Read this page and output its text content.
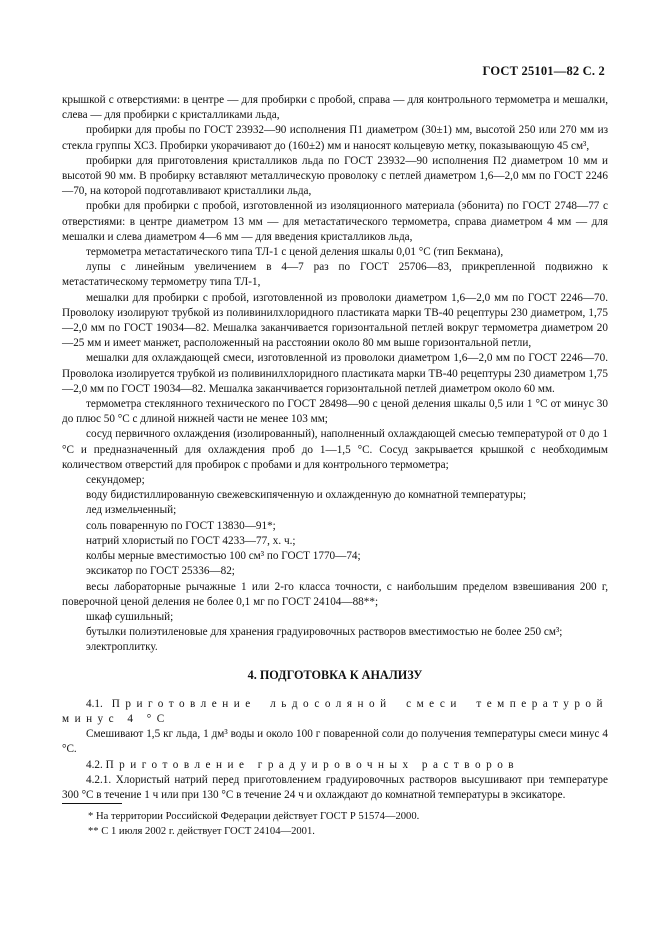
ГОСТ 25101—82 С. 2

крышкой с отверстиями: в центре — для пробирки с пробой, справа — для контрольного термометра и мешалки, слева — для пробирки с кристалликами льда,

пробирки для пробы по ГОСТ 23932—90 исполнения П1 диаметром (30±1) мм, высотой 250 или 270 мм из стекла группы ХСЗ. Пробирки укорачивают до (160±2) мм и наносят кольцевую метку, показывающую 45 см³,

пробирки для приготовления кристалликов льда по ГОСТ 23932—90 исполнения П2 диаметром 10 мм и высотой 90 мм. В пробирку вставляют металлическую проволоку с петлей диаметром 1,6—2,0 мм по ГОСТ 2246—70, на которой подготавливают кристаллики льда,

пробки для пробирки с пробой, изготовленной из изоляционного материала (эбонита) по ГОСТ 2748—77 с отверстиями: в центре диаметром 13 мм — для метастатического термометра, справа диаметром 4 мм — для мешалки и слева диаметром 4—6 мм — для введения кристалликов льда,

термометра метастатического типа ТЛ-1 с ценой деления шкалы 0,01 °С (тип Бекмана),

лупы с линейным увеличением в 4—7 раз по ГОСТ 25706—83, прикрепленной подвижно к метастатическому термометру типа ТЛ-1,

мешалки для пробирки с пробой, изготовленной из проволоки диаметром 1,6—2,0 мм по ГОСТ 2246—70. Проволоку изолируют трубкой из поливинилхлоридного пластиката марки ТВ-40 рецептуры 230 диаметром, 1,75—2,0 мм по ГОСТ 19034—82. Мешалка заканчивается горизонтальной петлей вокруг термометра диаметром 20—25 мм и имеет манжет, расположенный на расстоянии около 80 мм выше горизонтальной петли,

мешалки для охлаждающей смеси, изготовленной из проволоки диаметром 1,6—2,0 мм по ГОСТ 2246—70. Проволока изолируется трубкой из поливинилхлоридного пластиката марки ТВ-40 рецептуры 230 диаметром 1,75—2,0 мм по ГОСТ 19034—82. Мешалка заканчивается горизонтальной петлей диаметром около 60 мм.

термометра стеклянного технического по ГОСТ 28498—90 с ценой деления шкалы 0,5 или 1 °С от минус 30 до плюс 50 °С с длиной нижней части не менее 103 мм;

сосуд первичного охлаждения (изолированный), наполненный охлаждающей смесью температурой от 0 до 1 °С и предназначенный для охлаждения проб до 1—1,5 °С. Сосуд закрывается крышкой с необходимым количеством отверстий для пробирок с пробами и для контрольного термометра;

секундомер;

воду бидистиллированную свежевскипяченную и охлажденную до комнатной температуры;

лед измельченный;

соль поваренную по ГОСТ 13830—91*;

натрий хлористый по ГОСТ 4233—77, х. ч.;

колбы мерные вместимостью 100 см³ по ГОСТ 1770—74;

эксикатор по ГОСТ 25336—82;

весы лабораторные рычажные 1 или 2-го класса точности, с наибольшим пределом взвешивания 200 г, поверочной ценой деления не более 0,1 мг по ГОСТ 24104—88**;

шкаф сушильный;

бутылки полиэтиленовые для хранения градуировочных растворов вместимостью не более 250 см³;

электроплитку.

4. ПОДГОТОВКА К АНАЛИЗУ

4.1. Приготовление льдосоляной смеси температурой минус 4 °С

Смешивают 1,5 кг льда, 1 дм³ воды и около 100 г поваренной соли до получения температуры смеси минус 4 °С.

4.2. Приготовление градуировочных растворов

4.2.1. Хлористый натрий перед приготовлением градуировочных растворов высушивают при температуре 300 °С в течение 1 ч или при 130 °С в течение 24 ч и охлаждают до комнатной температуры в эксикаторе.

* На территории Российской Федерации действует ГОСТ Р 51574—2000.
** С 1 июля 2002 г. действует ГОСТ 24104—2001.
